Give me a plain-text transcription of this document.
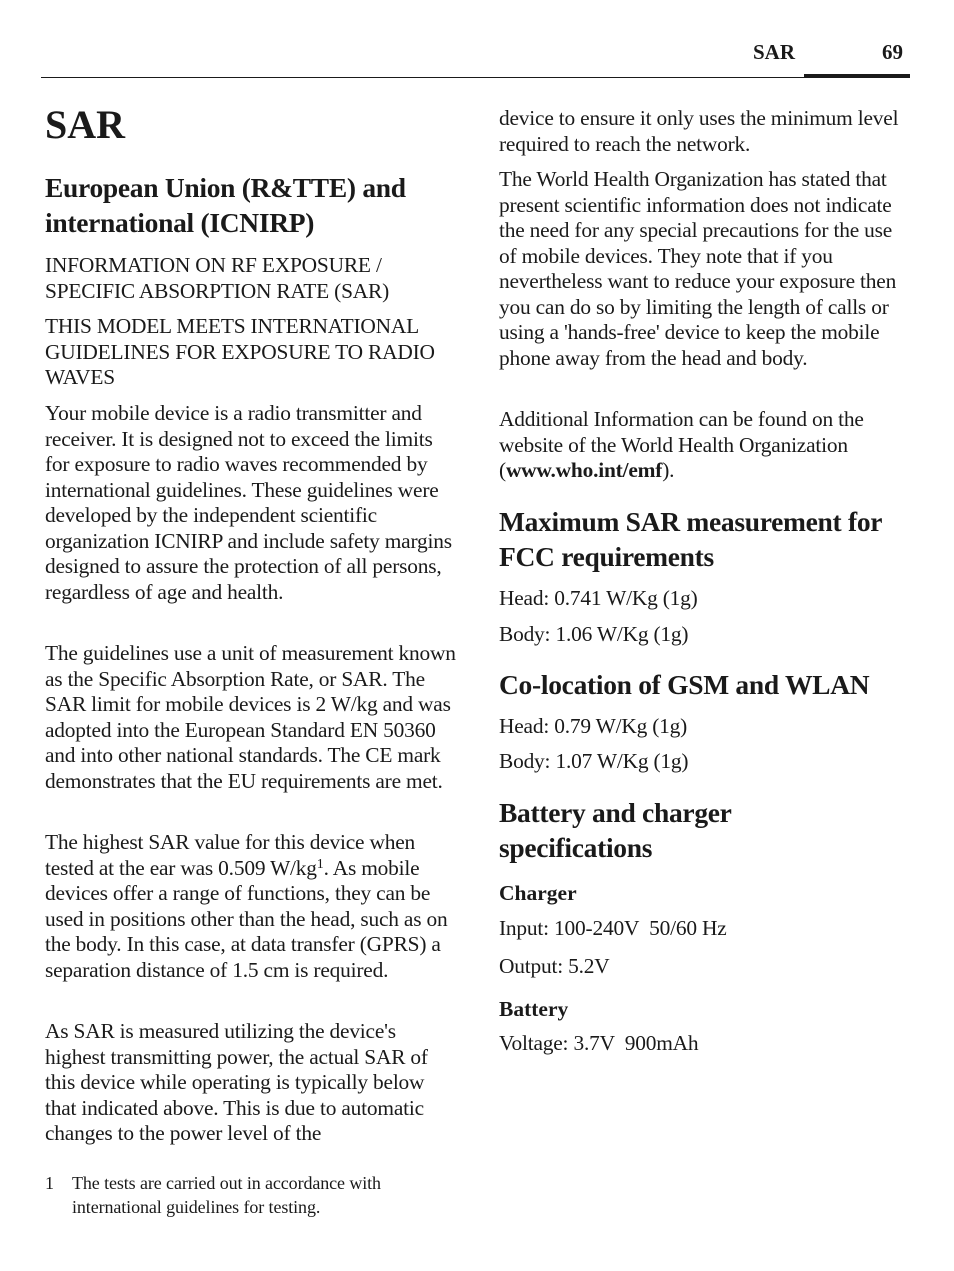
SAR	69
SAR

European Union (R&TTE) and international (ICNIRP)

INFORMATION ON RF EXPOSURE / SPECIFIC ABSORPTION RATE (SAR)

THIS MODEL MEETS INTERNATIONAL GUIDELINES FOR EXPOSURE TO RADIO WAVES

Your mobile device is a radio transmitter and receiver. It is designed not to exceed the limits for exposure to radio waves recommended by international guidelines. These guidelines were developed by the independent scientific organization ICNIRP and include safety margins designed to assure the protection of all persons, regardless of age and health.

The guidelines use a unit of measurement known as the Specific Absorption Rate, or SAR. The SAR limit for mobile devices is 2 W/kg and was adopted into the European Standard EN 50360 and into other national standards. The CE mark demonstrates that the EU requirements are met.

The highest SAR value for this device when tested at the ear was 0.509 $W/kg^1$. As mobile devices offer a range of functions, they can be used in positions other than the head, such as on the body. In this case, at data transfer (GPRS) a separation distance of 1.5 cm is required.

As SAR is measured utilizing the device's highest transmitting power, the actual SAR of this device while operating is typically below that indicated above. This is due to automatic changes to the power level of the

1 The tests are carried out in accordance with international guidelines for testing.

device to ensure it only uses the minimum level required to reach the network.

The World Health Organization has stated that present scientific information does not indicate the need for any special precautions for the use of mobile devices. They note that if you nevertheless want to reduce your exposure then you can do so by limiting the length of calls or using a 'hands-free' device to keep the mobile phone away from the head and body.

Additional Information can be found on the website of the World Health Organization (www.who.int/emf).

Maximum SAR measurement for FCC requirements

Head: 0.741 W/Kg (1g)

Body: 1.06 W/Kg (1g)

Co-location of GSM and WLAN

Head: 0.79 W/Kg (1g)

Body: 1.07 W/Kg (1g)

Battery and charger specifications

Charger

Input: 100-240V  50/60 Hz

Output: 5.2V

Battery

Voltage: 3.7V  900mAh
